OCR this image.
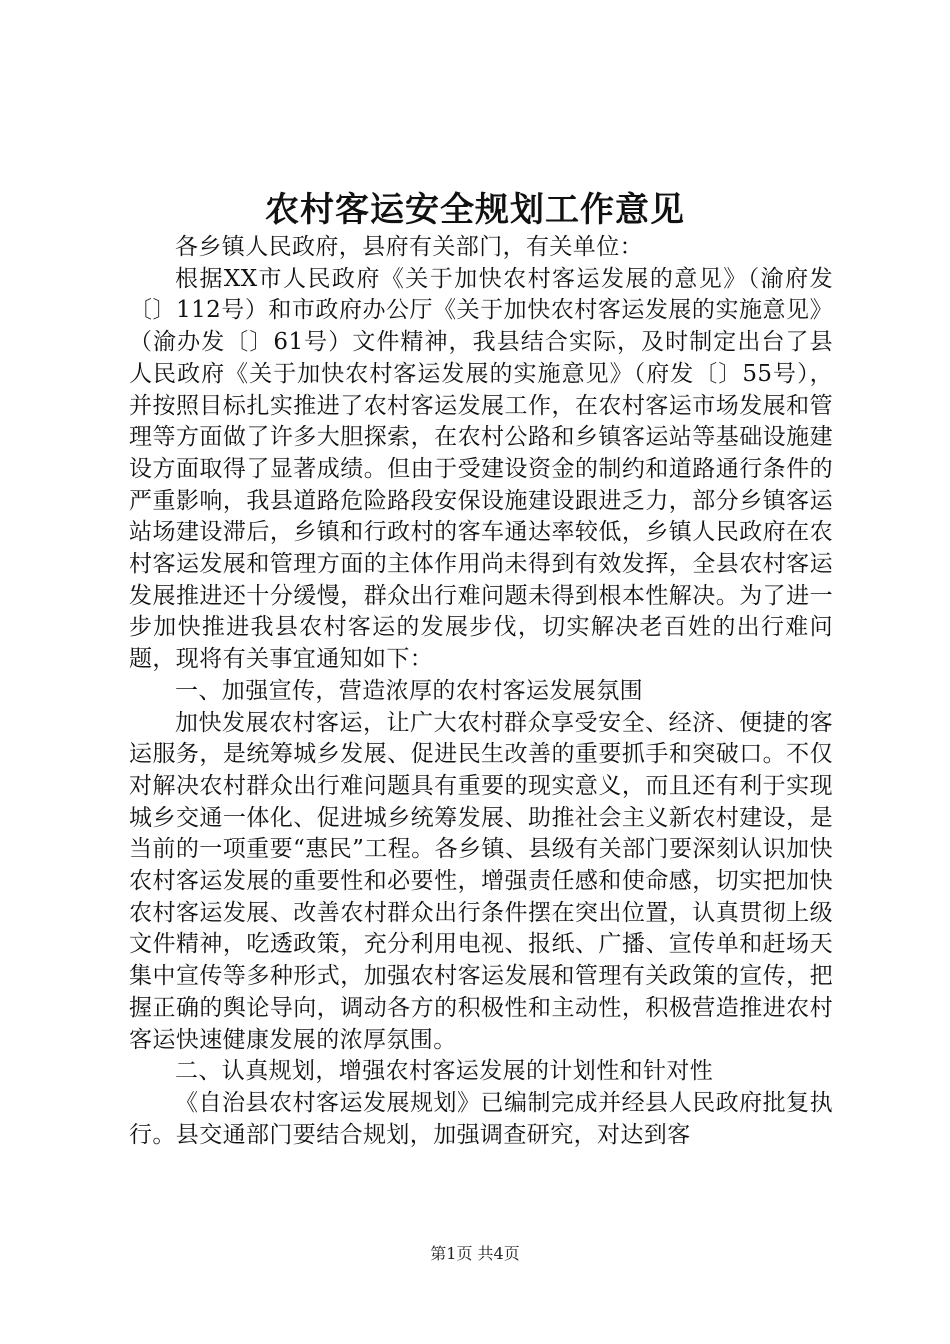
农村客运安全规划工作意见

各乡镇人民政府，县府有关部门，有关单位：

根据XX市人民政府《关于加快农村客运发展的意见》（渝府发〔〕112号）和市政府办公厅《关于加快农村客运发展的实施意见》（渝办发〔〕61号）文件精神，我县结合实际，及时制定出台了县人民政府《关于加快农村客运发展的实施意见》（府发〔〕55号），并按照目标扎实推进了农村客运发展工作，在农村客运市场发展和管理等方面做了许多大胆探索，在农村公路和乡镇客运站等基础设施建设方面取得了显著成绩。但由于受建设资金的制约和道路通行条件的严重影响，我县道路危险路段安保设施建设跟进乏力，部分乡镇客运站场建设滞后，乡镇和行政村的客车通达率较低，乡镇人民政府在农村客运发展和管理方面的主体作用尚未得到有效发挥，全县农村客运发展推进还十分缓慢，群众出行难问题未得到根本性解决。为了进一步加快推进我县农村客运的发展步伐，切实解决老百姓的出行难问题，现将有关事宜通知如下：

一、加强宣传，营造浓厚的农村客运发展氛围

加快发展农村客运，让广大农村群众享受安全、经济、便捷的客运服务，是统筹城乡发展、促进民生改善的重要抓手和突破口。不仅对解决农村群众出行难问题具有重要的现实意义，而且还有利于实现城乡交通一体化、促进城乡统筹发展、助推社会主义新农村建设，是当前的一项重要“惠民”工程。各乡镇、县级有关部门要深刻认识加快农村客运发展的重要性和必要性，增强责任感和使命感，切实把加快农村客运发展、改善农村群众出行条件摆在突出位置，认真贯彻上级文件精神，吃透政策，充分利用电视、报纸、广播、宣传单和赶场天集中宣传等多种形式，加强农村客运发展和管理有关政策的宣传，把握正确的舆论导向，调动各方的积极性和主动性，积极营造推进农村客运快速健康发展的浓厚氛围。

二、认真规划，增强农村客运发展的计划性和针对性

《自治县农村客运发展规划》已编制完成并经县人民政府批复执行。县交通部门要结合规划，加强调查研究，对达到客

第1页 共4页
